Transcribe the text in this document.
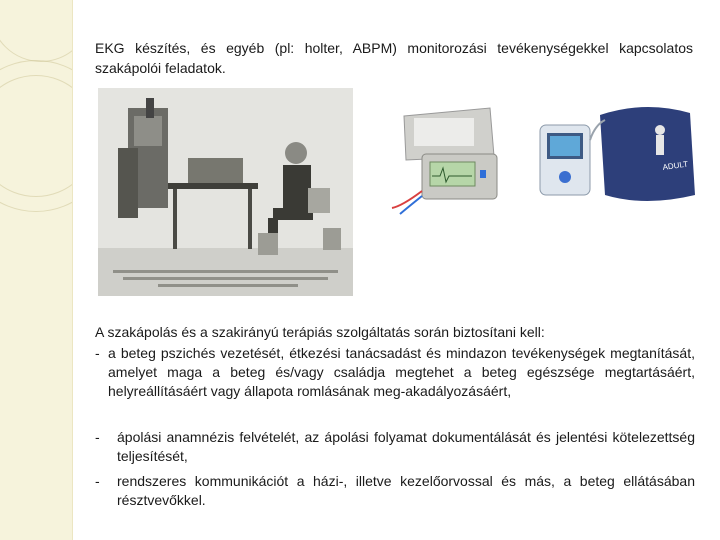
EKG készítés, és egyéb (pl: holter, ABPM) monitorozási tevékenységekkel kapcsolatos szakápolói feladatok.
ADULT
A szakápolás és a szakirányú terápiás szolgáltatás során biztosítani kell:
- a beteg pszichés vezetését, étkezési tanácsadást és mindazon tevékenységek megtanítását, amelyet maga a beteg és/vagy családja megtehet a beteg egészsége megtartásáért, helyreállításáért vagy állapota romlásának meg-akadályozásáért,
- ápolási anamnézis felvételét, az ápolási folyamat dokumentálását és jelentési kötelezettség teljesítését,
- rendszeres kommunikációt a házi-, illetve kezelőorvossal és más, a beteg ellátásában résztvevőkkel.
